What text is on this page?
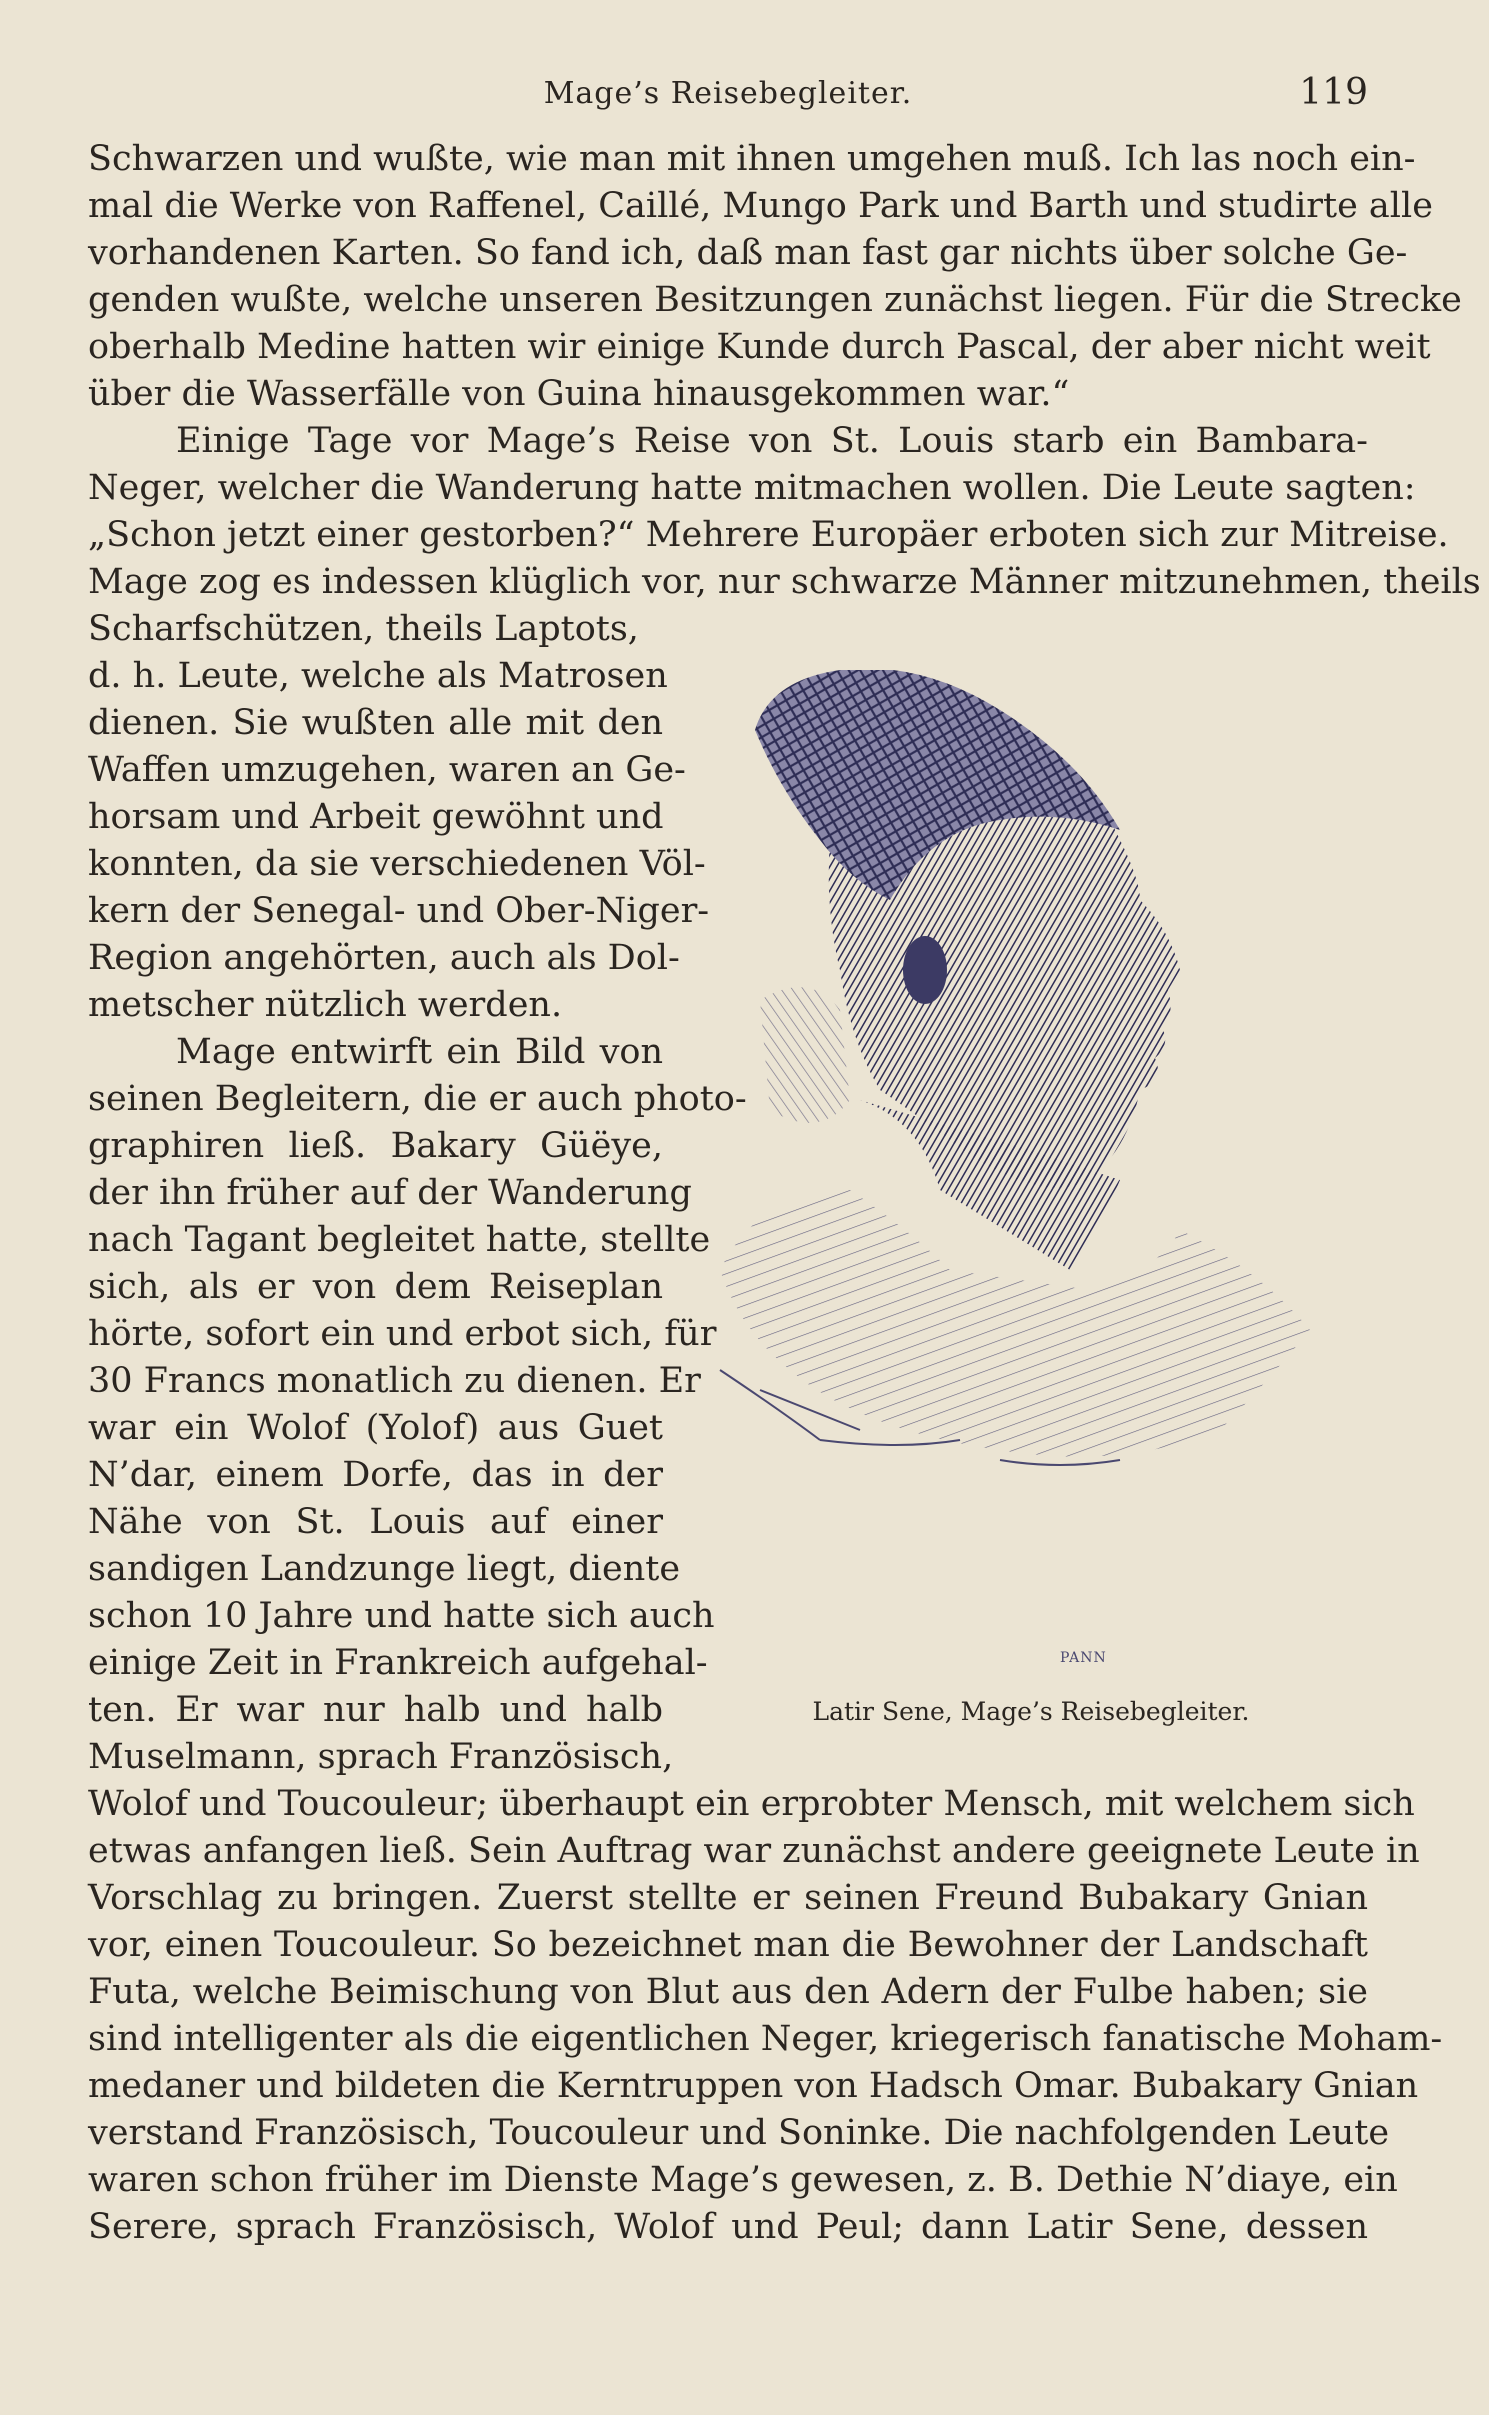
Mage’s Reisebegleiter.	119
Schwarzen und wußte, wie man mit ihnen umgehen muß. Ich las noch ein-
mal die Werke von Raffenel, Caillé, Mungo Park und Barth und studirte alle
vorhandenen Karten. So fand ich, daß man fast gar nichts über solche Ge-
genden wußte, welche unseren Besitzungen zunächst liegen. Für die Strecke
oberhalb Medine hatten wir einige Kunde durch Pascal, der aber nicht weit
über die Wasserfälle von Guina hinausgekommen war.“
Einige Tage vor Mage’s Reise von St. Louis starb ein Bambara-
Neger, welcher die Wanderung hatte mitmachen wollen. Die Leute sagten:
„Schon jetzt einer gestorben?“ Mehrere Europäer erboten sich zur Mitreise.
Mage zog es indessen klüglich vor, nur schwarze Männer mitzunehmen, theils
Scharfschützen, theils Laptots,
d. h. Leute, welche als Matrosen
dienen. Sie wußten alle mit den
Waffen umzugehen, waren an Ge-
horsam und Arbeit gewöhnt und
konnten, da sie verschiedenen Völ-
kern der Senegal- und Ober-Niger-
Region angehörten, auch als Dol-
metscher nützlich werden.
Mage entwirft ein Bild von
seinen Begleitern, die er auch photo-
graphiren ließ. Bakary Güëye,
der ihn früher auf der Wanderung
nach Tagant begleitet hatte, stellte
sich, als er von dem Reiseplan
hörte, sofort ein und erbot sich, für
30 Francs monatlich zu dienen. Er
war ein Wolof (Yolof) aus Guet
N’dar, einem Dorfe, das in der
Nähe von St. Louis auf einer
sandigen Landzunge liegt, diente
schon 10 Jahre und hatte sich auch
einige Zeit in Frankreich aufgehal-
ten. Er war nur halb und halb
Muselmann, sprach Französisch,
Wolof und Toucouleur; überhaupt ein erprobter Mensch, mit welchem sich
etwas anfangen ließ. Sein Auftrag war zunächst andere geeignete Leute in
Vorschlag zu bringen. Zuerst stellte er seinen Freund Bubakary Gnian
vor, einen Toucouleur. So bezeichnet man die Bewohner der Landschaft
Futa, welche Beimischung von Blut aus den Adern der Fulbe haben; sie
sind intelligenter als die eigentlichen Neger, kriegerisch fanatische Moham-
medaner und bildeten die Kerntruppen von Hadsch Omar. Bubakary Gnian
verstand Französisch, Toucouleur und Soninke. Die nachfolgenden Leute
waren schon früher im Dienste Mage’s gewesen, z. B. Dethie N’diaye, ein
Serere, sprach Französisch, Wolof und Peul; dann Latir Sene, dessen
PANN
Latir Sene, Mage’s Reisebegleiter.
